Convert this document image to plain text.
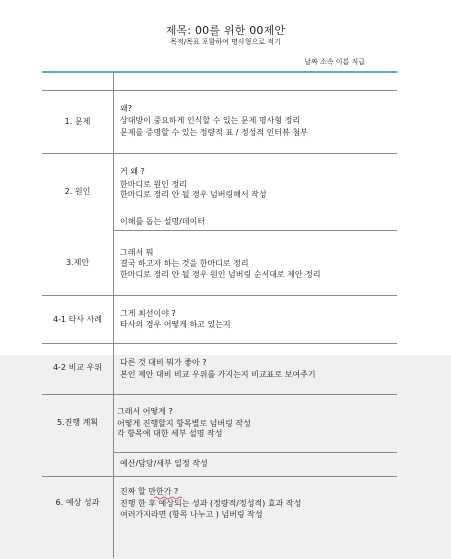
제목: 00를 위한 00제안
목적/목표 포함하여 명사형으로 적기
날짜 소속 이름 직급
1. 문제
왜?
상대방이 중요하게 인식할 수 있는 문제 명사형 정리
문제를 증명할 수 있는 정량적 표 / 정성적 인터뷰 첨부
2. 원인
거 왜 ?
한마디로 원인 정리
한마디로 정리 안 될 경우 넘버링해서 작성
이해를 돕는 설명/데이터
3.제안
그래서 뭐
결국 하고자 하는 것을 한마디로 정리
한마디로 정리 안 될 경우 원인 넘버링 순서대로 제안 정리
4-1 타사 사례
그게 최선이야 ?
타사의 경우 어떻게 하고 있는지
4-2 비교 우위
다른 것 대비 뭐가 좋아 ?
본인 제안 대비 비교 우위를 가지는지 비교표로 보여주기
5.진행 계획
그래서 어떻게 ?
어떻게 진행할지 항목별로 넘버링 작성
각 항목에 대한 세부 설명 작성
예산/담당/세부 일정 작성
6. 예상 성과
진짜 할 만한가 ?
진행 한 후 예상되는 성과 (정량적/정성적) 효과 작성
여러가지라면 (항목 나누고 ) 넘버링 작성
